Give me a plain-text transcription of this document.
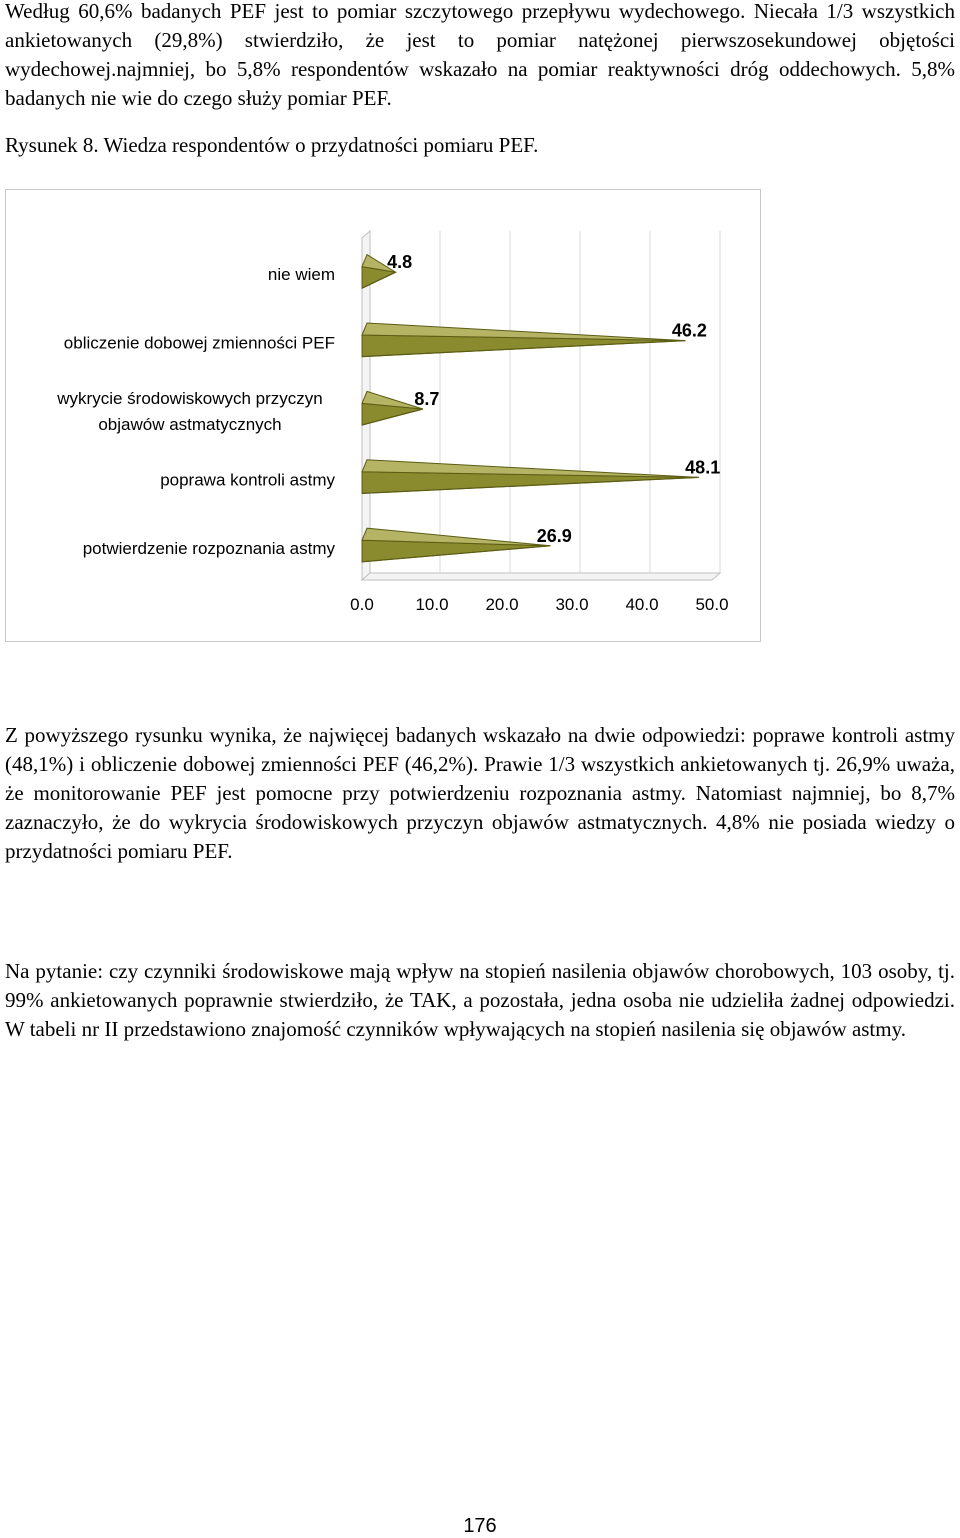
Według 60,6% badanych PEF jest to pomiar szczytowego przepływu wydechowego. Niecała 1/3 wszystkich ankietowanych (29,8%) stwierdziło, że jest to pomiar natężonej pierwszosekundowej objętości wydechowej.najmniej, bo 5,8% respondentów wskazało na pomiar reaktywności dróg oddechowych. 5,8% badanych nie wie do czego służy pomiar PEF.

Rysunek 8. Wiedza respondentów o przydatności pomiaru PEF.

0.0 10.0 20.0 30.0 40.0 50.0
4.8
nie wiem
46.2
obliczenie dobowej zmienności PEF
8.7
wykrycie środowiskowych przyczyn
objawów astmatycznych
48.1
poprawa kontroli astmy
26.9
potwierdzenie rozpoznania astmy

Z powyższego rysunku wynika, że najwięcej badanych wskazało na dwie odpowiedzi: poprawe kontroli astmy (48,1%) i obliczenie dobowej zmienności PEF (46,2%). Prawie 1/3 wszystkich ankietowanych tj. 26,9% uważa, że monitorowanie PEF jest pomocne przy potwierdzeniu rozpoznania astmy. Natomiast najmniej, bo 8,7% zaznaczyło, że do wykrycia środowiskowych przyczyn objawów astmatycznych. 4,8% nie posiada wiedzy o przydatności pomiaru PEF.

Na pytanie: czy czynniki środowiskowe mają wpływ na stopień nasilenia objawów chorobowych, 103 osoby, tj. 99% ankietowanych poprawnie stwierdziło, że TAK, a pozostała, jedna osoba nie udzieliła żadnej odpowiedzi. W tabeli nr II przedstawiono znajomość czynników wpływających na stopień nasilenia się objawów astmy.

176
